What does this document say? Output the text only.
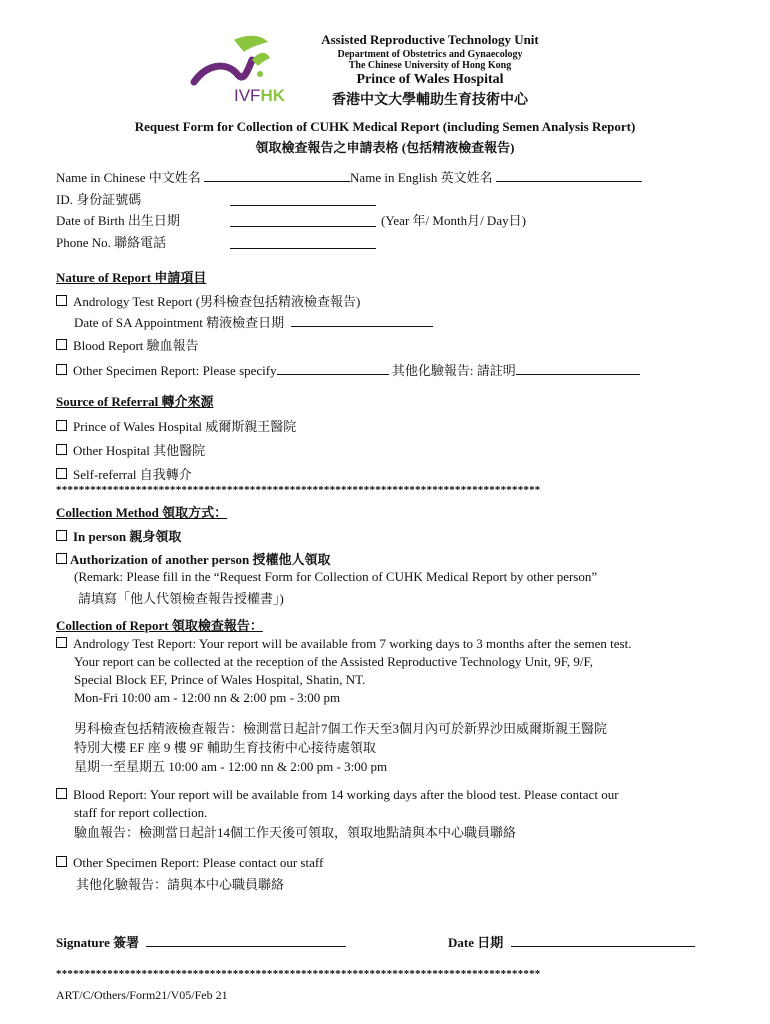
IVFHK
Assisted Reproductive Technology Unit
Department of Obstetrics and Gynaecology
The Chinese University of Hong Kong
Prince of Wales Hospital
香港中文大學輔助生育技術中心
Request Form for Collection of CUHK Medical Report (including Semen Analysis Report)
領取檢查報告之申請表格 (包括精液檢查報告)
Name in Chinese 中文姓名	Name in English 英文姓名
ID. 身份証號碼
Date of Birth 出生日期	(Year 年/ Month月/ Day日)
Phone No. 聯絡電話
Nature of Report 申請項目
Andrology Test Report (男科檢查包括精液檢查報告)
Date of SA Appointment 精液檢查日期
Blood Report 驗血報告
Other Specimen Report: Please specify	其他化驗報告: 請註明
Source of Referral 轉介來源
Prince of Wales Hospital 威爾斯親王醫院
Other Hospital 其他醫院
Self-referral 自我轉介
*************************************************************************************
Collection Method 領取方式：
In person 親身領取
Authorization of another person 授權他人領取
(Remark: Please fill in the “Request Form for Collection of CUHK Medical Report by other person”
請填寫「他人代領檢查報告授權書」)
Collection of Report 領取檢查報告：
Andrology Test Report: Your report will be available from 7 working days to 3 months after the semen test.
Your report can be collected at the reception of the Assisted Reproductive Technology Unit, 9F, 9/F,
Special Block EF, Prince of Wales Hospital, Shatin, NT.
Mon-Fri 10:00 am - 12:00 nn & 2:00 pm - 3:00 pm
男科檢查包括精液檢查報告：檢測當日起計7個工作天至3個月內可於新界沙田威爾斯親王醫院
特別大樓 EF 座 9 樓 9F 輔助生育技術中心接待處領取
星期一至星期五 10:00 am - 12:00 nn & 2:00 pm - 3:00 pm
Blood Report: Your report will be available from 14 working days after the blood test. Please contact our
staff for report collection.
驗血報告：檢測當日起計14個工作天後可領取，領取地點請與本中心職員聯絡
Other Specimen Report: Please contact our staff
其他化驗報告：請與本中心職員聯絡
Signature 簽署	Date 日期
*************************************************************************************
ART/C/Others/Form21/V05/Feb 21
